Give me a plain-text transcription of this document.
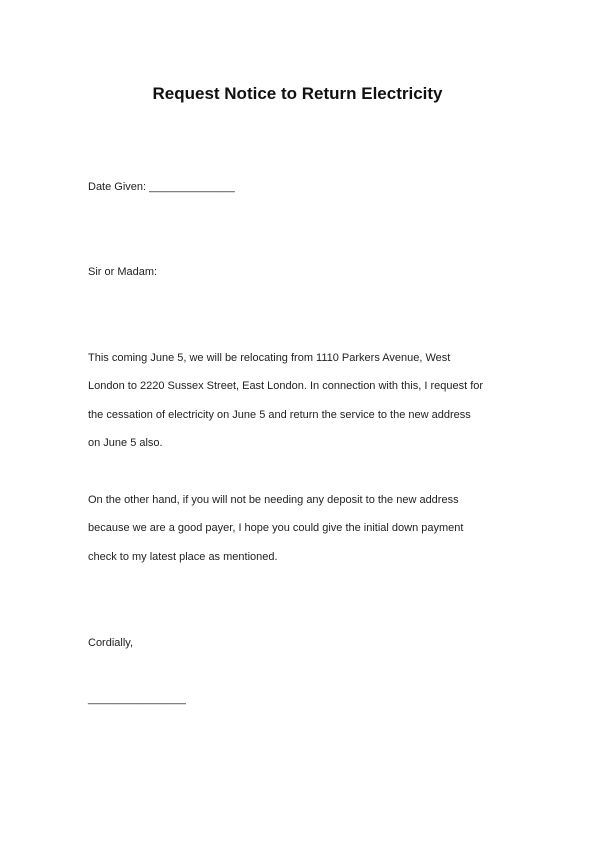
Request Notice to Return Electricity

Date Given: ______________

Sir or Madam:

This coming June 5, we will be relocating from 1110 Parkers Avenue, West

London to 2220 Sussex Street, East London. In connection with this, I request for

the cessation of electricity on June 5 and return the service to the new address

on June 5 also.

On the other hand, if you will not be needing any deposit to the new address

because we are a good payer, I hope you could give the initial down payment

check to my latest place as mentioned.

Cordially,

________________
